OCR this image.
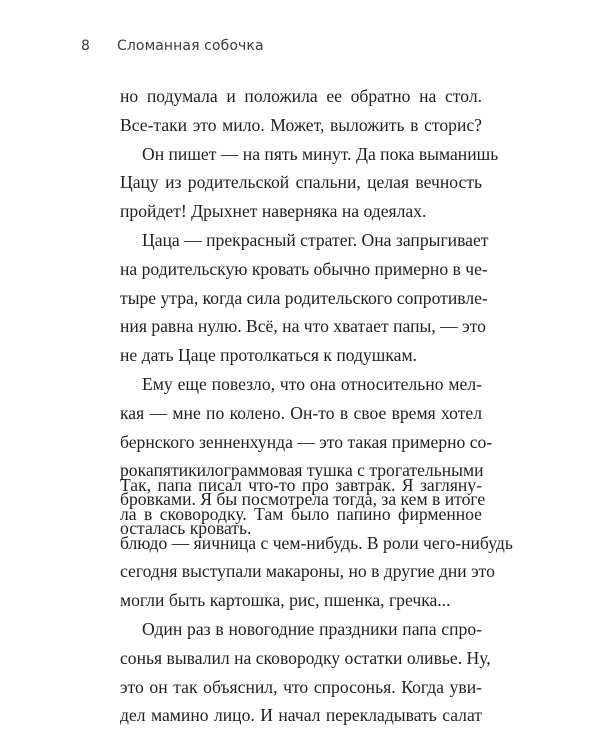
8	Сломанная собочка
но подумала и положила ее обратно на стол.
Все-таки это мило. Может, выложить в сторис?
Он пишет — на пять минут. Да пока выманишь
Цацу из родительской спальни, целая вечность
пройдет! Дрыхнет наверняка на одеялах.
Цаца — прекрасный стратег. Она запрыгивает
на родительскую кровать обычно примерно в че-
тыре утра, когда сила родительского сопротивле-
ния равна нулю. Всё, на что хватает папы, — это
не дать Цаце протолкаться к подушкам.
Ему еще повезло, что она относительно мел-
кая — мне по колено. Он-то в свое время хотел
бернского зенненхунда — это такая примерно со-
рокапятикилограммовая тушка с трогательными
бровками. Я бы посмотрела тогда, за кем в итоге
осталась кровать.
Так, папа писал что-то про завтрак. Я загляну-
ла в сковородку. Там было папино фирменное
блюдо — яичница с чем-нибудь. В роли чего-нибудь
сегодня выступали макароны, но в другие дни это
могли быть картошка, рис, пшенка, гречка...
Один раз в новогодние праздники папа спро-
сонья вывалил на сковородку остатки оливье. Ну,
это он так объяснил, что спросонья. Когда уви-
дел мамино лицо. И начал перекладывать салат
